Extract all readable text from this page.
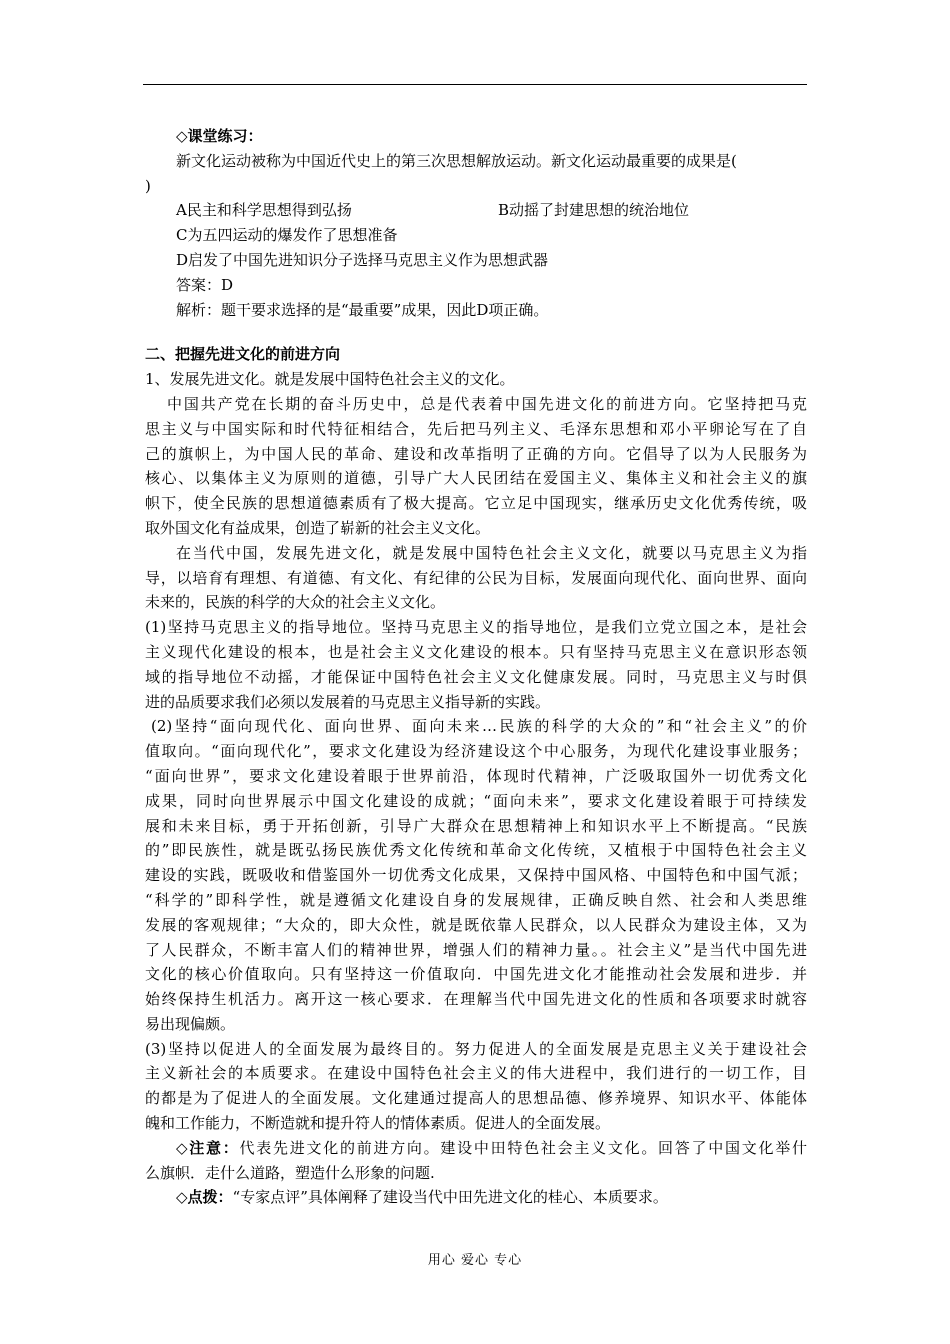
◇课堂练习：
新文化运动被称为中国近代史上的第三次思想解放运动。新文化运动最重要的成果是(
)
A民主和科学思想得到弘扬	B动摇了封建思想的统治地位
C为五四运动的爆发作了思想准备
D启发了中国先进知识分子选择马克思主义作为思想武器
答案：D
解析：题干要求选择的是“最重要”成果，因此D项正确。
二、把握先进文化的前进方向
1、发展先进文化。就是发展中国特色社会主义的文化。
中国共产党在长期的奋斗历史中，总是代表着中国先进文化的前进方向。它坚持把马克
思主义与中国实际和时代特征相结合，先后把马列主义、毛泽东思想和邓小平卵论写在了自
己的旗帜上，为中国人民的革命、建设和改革指明了正确的方向。它倡导了以为人民服务为
核心、以集体主义为原则的道德，引导广大人民团结在爱国主义、集体主义和社会主义的旗
帜下，使全民族的思想道德素质有了极大提高。它立足中国现实，继承历史文化优秀传统，吸
取外国文化有益成果，创造了崭新的社会主义文化。
在当代中国，发展先进文化，就是发展中国特色社会主义文化，就要以马克思主义为指
导，以培育有理想、有道德、有文化、有纪律的公民为目标，发展面向现代化、面向世界、面向
未来的，民族的科学的大众的社会主义文化。
(1)坚持马克思主义的指导地位。坚持马克思主义的指导地位，是我们立党立国之本，是社会
主义现代化建设的根本，也是社会主义文化建设的根本。只有坚持马克思主义在意识形态领
域的指导地位不动摇，才能保证中国特色社会主义文化健康发展。同时，马克思主义与时俱
进的品质要求我们必须以发展着的马克思主义指导新的实践。
(2)坚持“面向现代化、面向世界、面向未来…民族的科学的大众的”和“社会主义”的价
值取向。“面向现代化”，要求文化建设为经济建设这个中心服务，为现代化建设事业服务；
“面向世界”，要求文化建设着眼于世界前沿，体现时代精神，广泛吸取国外一切优秀文化
成果，同时向世界展示中国文化建设的成就；“面向未来”，要求文化建设着眼于可持续发
展和未来目标，勇于开拓创新，引导广大群众在思想精神上和知识水平上不断提高。“民族
的”即民族性，就是既弘扬民族优秀文化传统和革命文化传统，又植根于中国特色社会主义
建设的实践，既吸收和借鉴国外一切优秀文化成果，又保持中国风格、中国特色和中国气派；
“科学的”即科学性，就是遵循文化建设自身的发展规律，正确反映自然、社会和人类思维
发展的客观规律；“大众的，即大众性，就是既依靠人民群众，以人民群众为建设主体，又为
了人民群众，不断丰富人们的精神世界，增强人们的精神力量。。社会主义”是当代中国先进
文化的核心价值取向。只有坚持这一价值取向．中国先进文化才能推动社会发展和进步．并
始终保持生机活力。离开这一核心要求．在理解当代中国先进文化的性质和各项要求时就容
易出现偏颇。
(3)坚持以促进人的全面发展为最终目的。努力促进人的全面发展是克思主义关于建设社会
主义新社会的本质要求。在建设中国特色社会主义的伟大进程中，我们进行的一切工作，目
的都是为了促进人的全面发展。文化建通过提高人的思想品德、修养境界、知识水平、体能体
魄和工作能力，不断造就和提升符人的情体素质。促进人的全面发展。
◇注意：代表先进文化的前进方向。建设中田特色社会主义文化。回答了中国文化举什
么旗帜．走什么道路，塑造什么形象的问题.
◇点拨：“专家点评”具体阐释了建设当代中田先进文化的桂心、本质要求。
用心 爱心 专心
